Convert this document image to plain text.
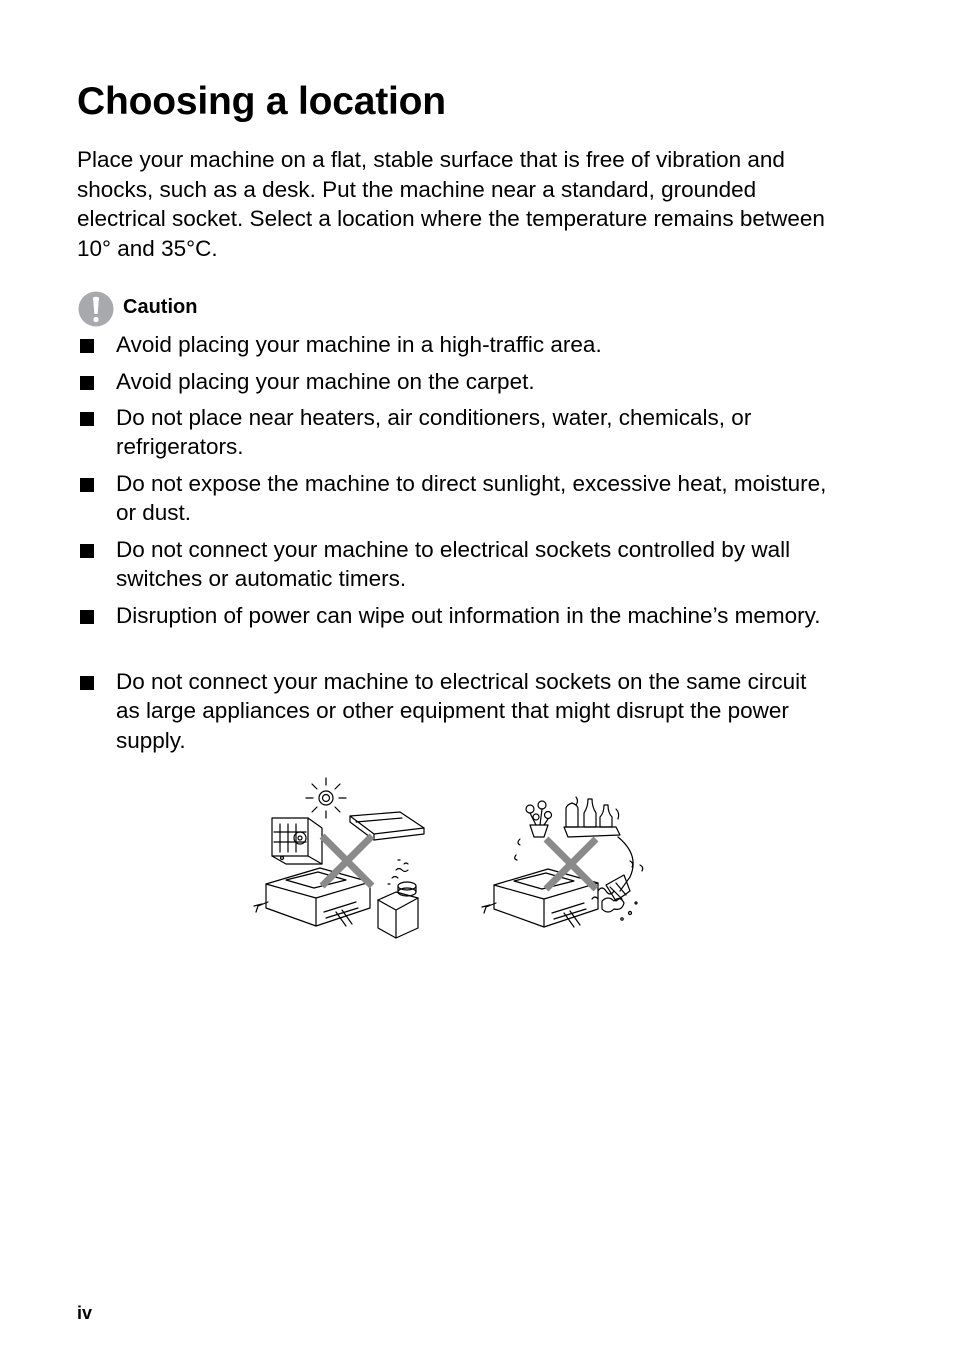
Choosing a location

Place your machine on a flat, stable surface that is free of vibration and shocks, such as a desk. Put the machine near a standard, grounded electrical socket. Select a location where the temperature remains between 10° and 35°C.

Caution
Avoid placing your machine in a high-traffic area.
Avoid placing your machine on the carpet.
Do not place near heaters, air conditioners, water, chemicals, or refrigerators.
Do not expose the machine to direct sunlight, excessive heat, moisture, or dust.
Do not connect your machine to electrical sockets controlled by wall switches or automatic timers.
Disruption of power can wipe out information in the machine’s memory.
Do not connect your machine to electrical sockets on the same circuit as large appliances or other equipment that might disrupt the power supply.
iv
